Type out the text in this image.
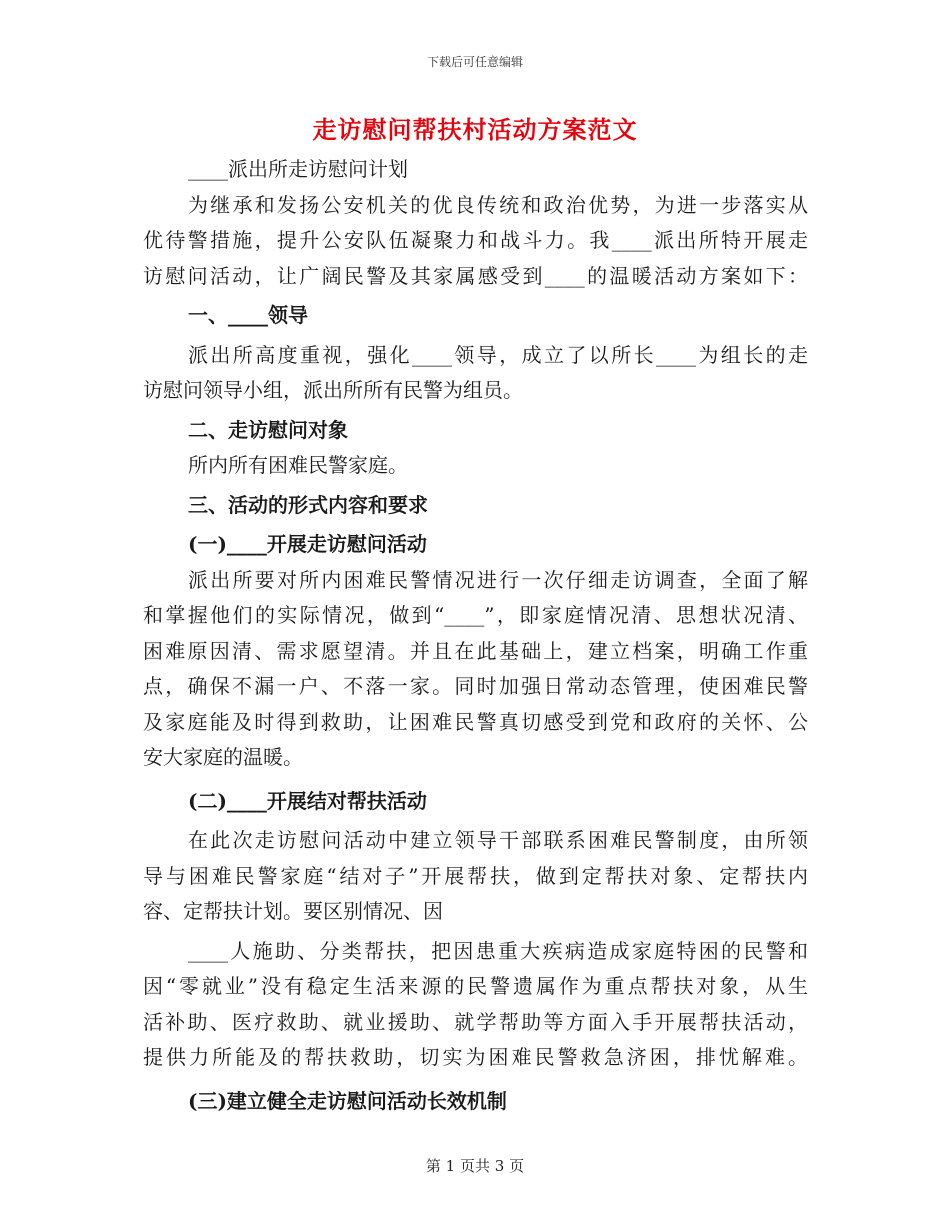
下载后可任意编辑
走访慰问帮扶村活动方案范文

____派出所走访慰问计划

为继承和发扬公安机关的优良传统和政治优势，为进一步落实从

优待警措施，提升公安队伍凝聚力和战斗力。我____派出所特开展走

访慰问活动，让广阔民警及其家属感受到____的温暖活动方案如下：

一、____领导

派出所高度重视，强化____领导，成立了以所长____为组长的走

访慰问领导小组，派出所所有民警为组员。

二、走访慰问对象

所内所有困难民警家庭。

三、活动的形式内容和要求

(一)____开展走访慰问活动

派出所要对所内困难民警情况进行一次仔细走访调查，全面了解

和掌握他们的实际情况，做到“____”，即家庭情况清、思想状况清、

困难原因清、需求愿望清。并且在此基础上，建立档案，明确工作重

点，确保不漏一户、不落一家。同时加强日常动态管理，使困难民警

及家庭能及时得到救助，让困难民警真切感受到党和政府的关怀、公

安大家庭的温暖。

(二)____开展结对帮扶活动

在此次走访慰问活动中建立领导干部联系困难民警制度，由所领

导与困难民警家庭“结对子”开展帮扶，做到定帮扶对象、定帮扶内

容、定帮扶计划。要区别情况、因

____人施助、分类帮扶，把因患重大疾病造成家庭特困的民警和

因“零就业”没有稳定生活来源的民警遗属作为重点帮扶对象，从生

活补助、医疗救助、就业援助、就学帮助等方面入手开展帮扶活动，

提供力所能及的帮扶救助，切实为困难民警救急济困，排忧解难。

(三)建立健全走访慰问活动长效机制

第 1 页共 3 页
